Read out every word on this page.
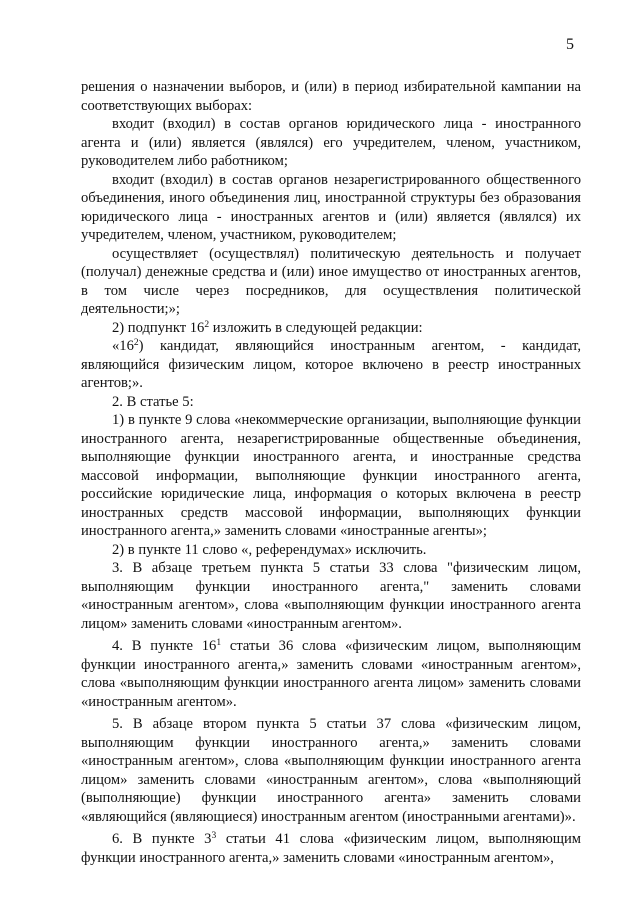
5

решения о назначении выборов, и (или) в период избирательной кампании на соответствующих выборах:

входит (входил) в состав органов юридического лица - иностранного агента и (или) является (являлся) его учредителем, членом, участником, руководителем либо работником;

входит (входил) в состав органов незарегистрированного общественного объединения, иного объединения лиц, иностранной структуры без образования юридического лица - иностранных агентов и (или) является (являлся) их учредителем, членом, участником, руководителем;

осуществляет (осуществлял) политическую деятельность и получает (получал) денежные средства и (или) иное имущество от иностранных агентов, в том числе через посредников, для осуществления политической деятельности;»;

2) подпункт $16^2$ изложить в следующей редакции:

«$16^2$) кандидат, являющийся иностранным агентом, - кандидат, являющийся физическим лицом, которое включено в реестр иностранных агентов;».

2. В статье 5:

1) в пункте 9 слова «некоммерческие организации, выполняющие функции иностранного агента, незарегистрированные общественные объединения, выполняющие функции иностранного агента, и иностранные средства массовой информации, выполняющие функции иностранного агента, российские юридические лица, информация о которых включена в реестр иностранных средств массовой информации, выполняющих функции иностранного агента,» заменить словами «иностранные агенты»;

2) в пункте 11 слово «, референдумах» исключить.

3. В абзаце третьем пункта 5 статьи 33 слова "физическим лицом, выполняющим функции иностранного агента," заменить словами «иностранным агентом», слова «выполняющим функции иностранного агента лицом» заменить словами «иностранным агентом».

4. В пункте $16^1$ статьи 36 слова «физическим лицом, выполняющим функции иностранного агента,» заменить словами «иностранным агентом», слова «выполняющим функции иностранного агента лицом» заменить словами «иностранным агентом».

5. В абзаце втором пункта 5 статьи 37 слова «физическим лицом, выполняющим функции иностранного агента,» заменить словами «иностранным агентом», слова «выполняющим функции иностранного агента лицом» заменить словами «иностранным агентом», слова «выполняющий (выполняющие) функции иностранного агента» заменить словами «являющийся (являющиеся) иностранным агентом (иностранными агентами)».

6. В пункте $3^3$ статьи 41 слова «физическим лицом, выполняющим функции иностранного агента,» заменить словами «иностранным агентом»,
